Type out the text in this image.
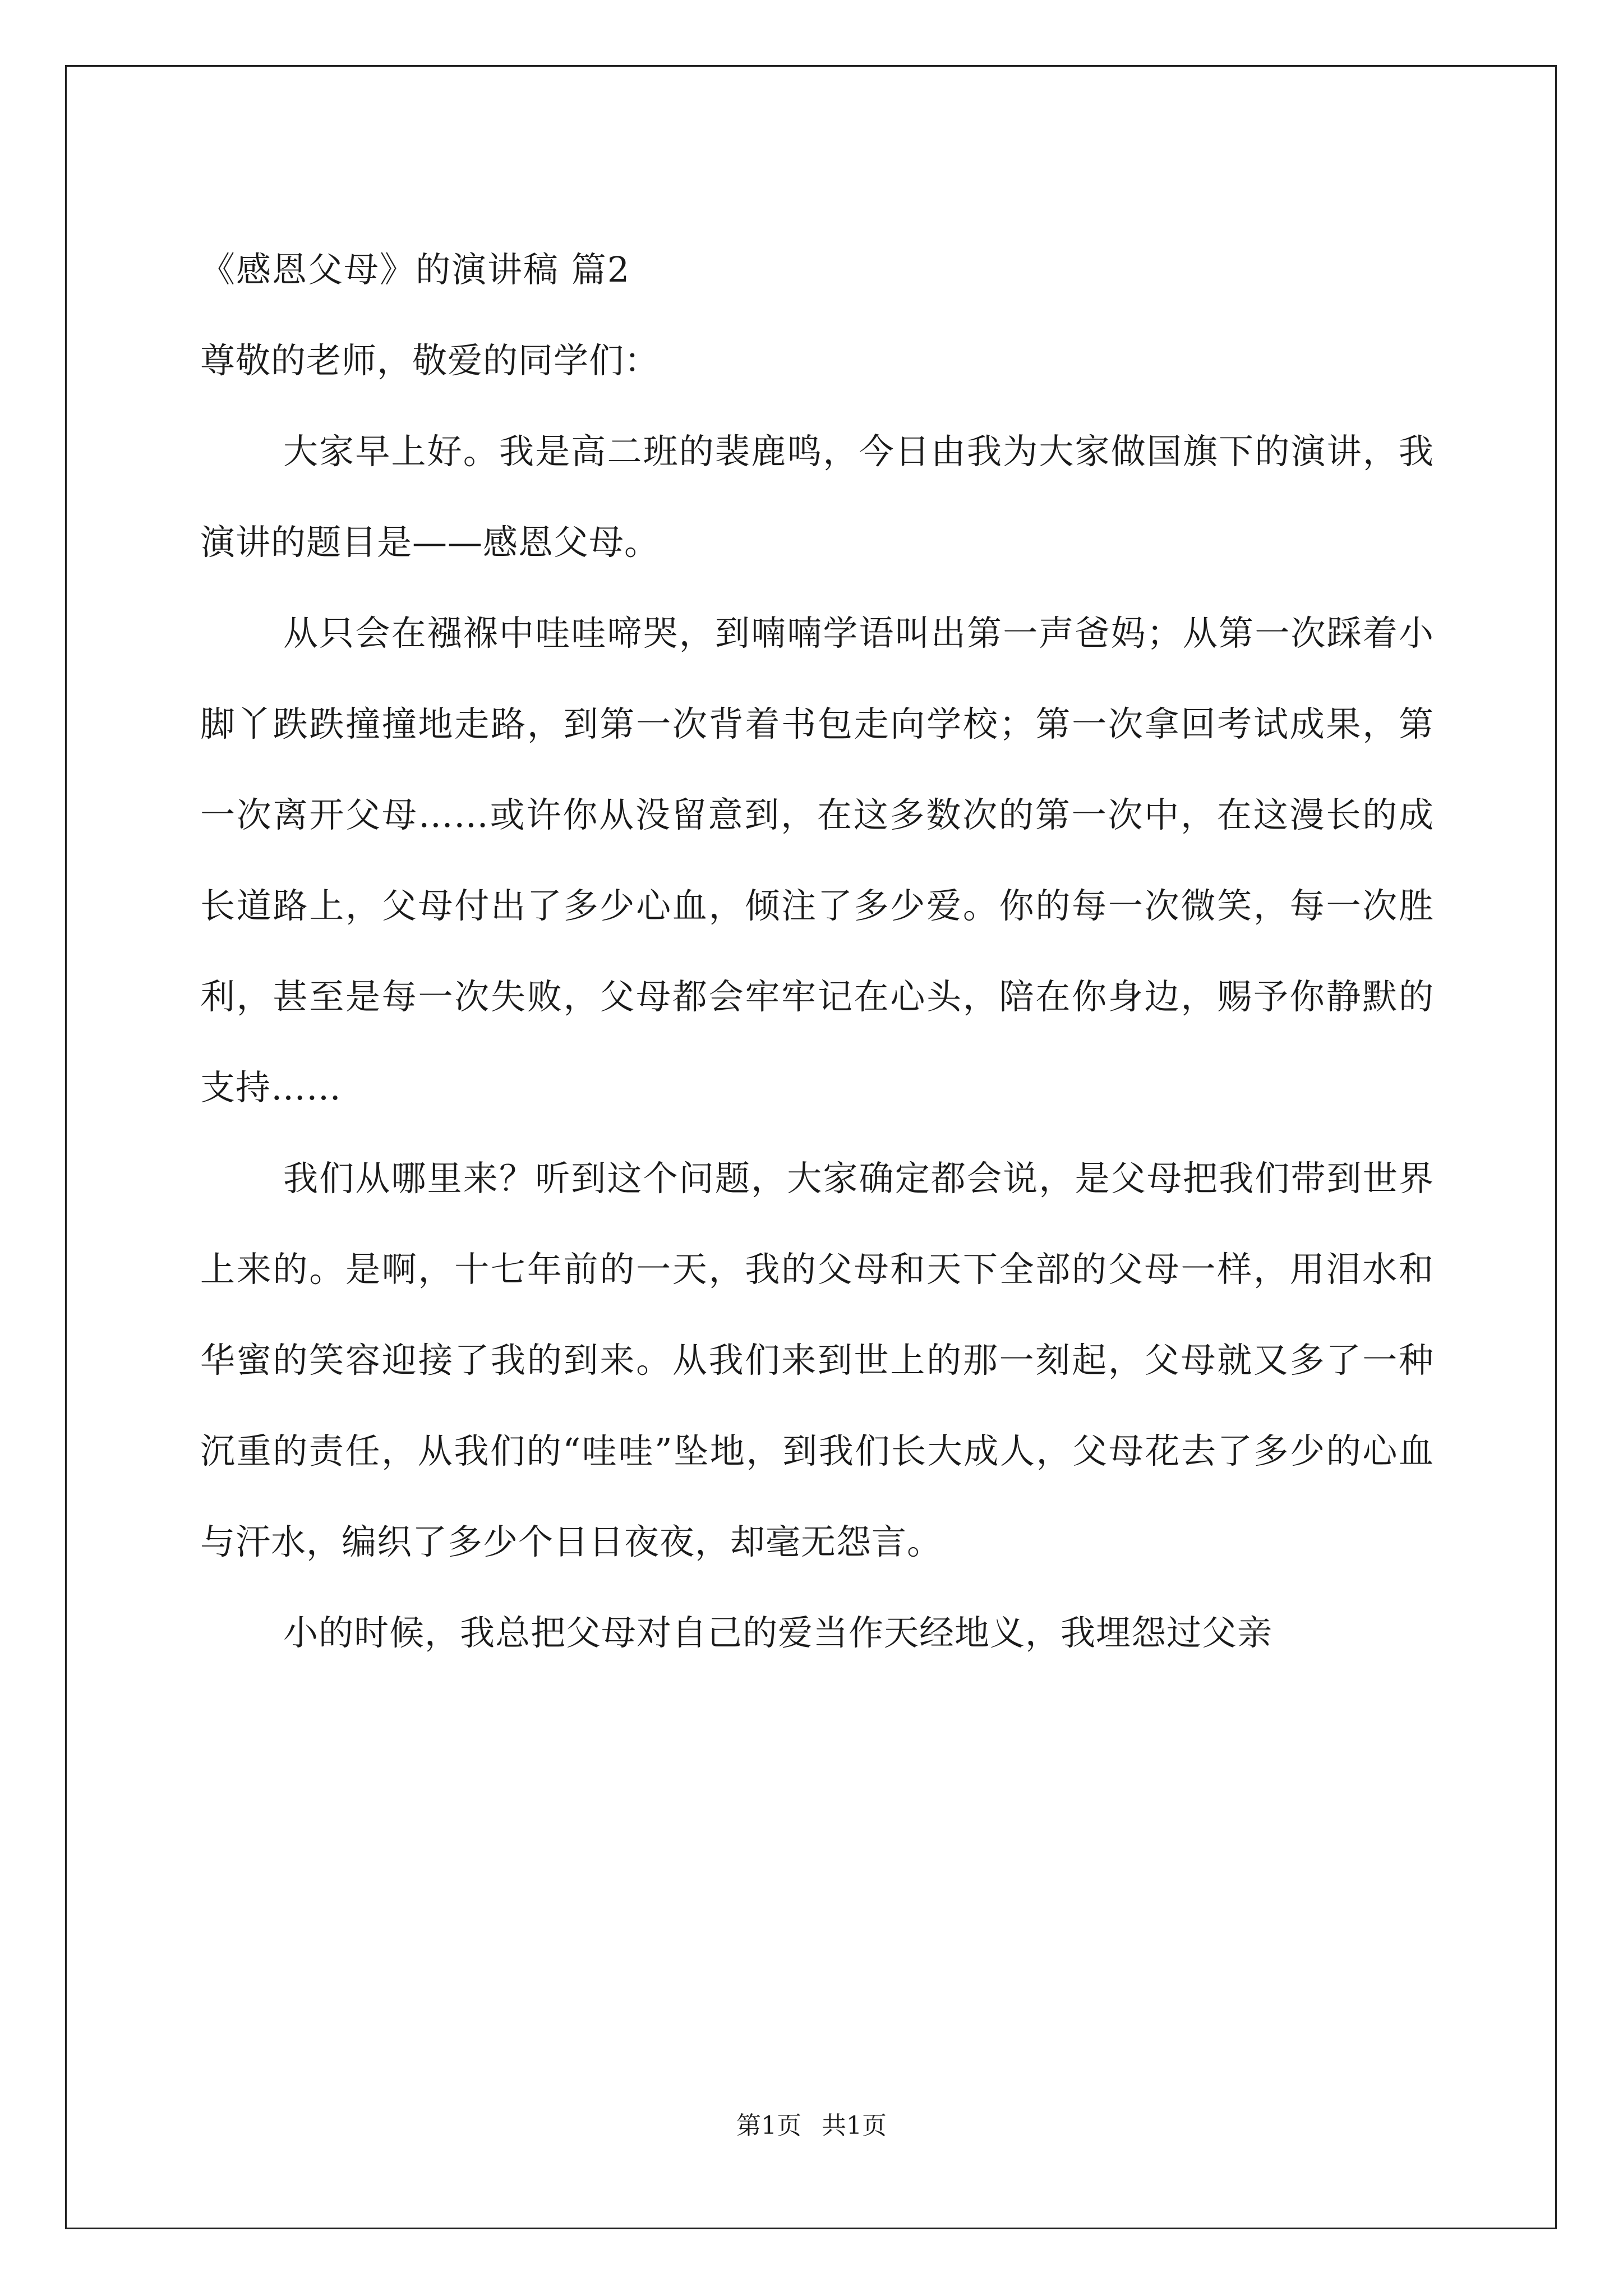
《感恩父母》的演讲稿 篇2

尊敬的老师，敬爱的同学们：

大家早上好。我是高二班的裴鹿鸣，今日由我为大家做国旗下的演讲，我演讲的题目是——感恩父母。

从只会在襁褓中哇哇啼哭，到喃喃学语叫出第一声爸妈；从第一次踩着小脚丫跌跌撞撞地走路，到第一次背着书包走向学校；第一次拿回考试成果，第一次离开父母……或许你从没留意到，在这多数次的第一次中，在这漫长的成长道路上，父母付出了多少心血，倾注了多少爱。你的每一次微笑，每一次胜利，甚至是每一次失败，父母都会牢牢记在心头，陪在你身边，赐予你静默的支持……

我们从哪里来？听到这个问题，大家确定都会说，是父母把我们带到世界上来的。是啊，十七年前的一天，我的父母和天下全部的父母一样，用泪水和华蜜的笑容迎接了我的到来。从我们来到世上的那一刻起，父母就又多了一种沉重的责任，从我们的“哇哇”坠地，到我们长大成人，父母花去了多少的心血与汗水，编织了多少个日日夜夜，却毫无怨言。

小的时候，我总把父母对自己的爱当作天经地义，我埋怨过父亲

第1页 共1页
